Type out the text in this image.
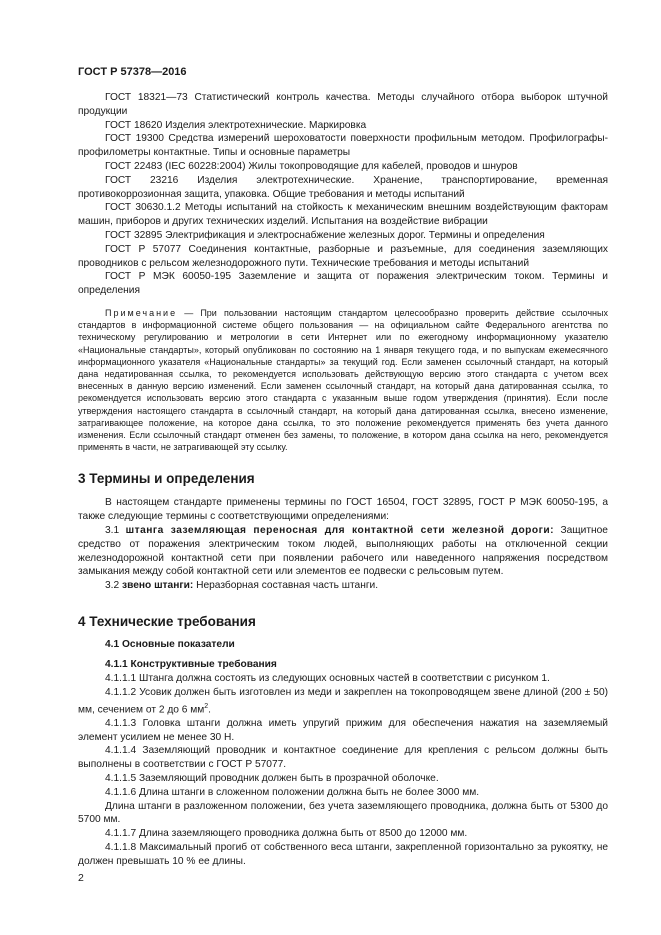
ГОСТ Р 57378—2016

ГОСТ 18321—73 Статистический контроль качества. Методы случайного отбора выборок штучной продукции

ГОСТ 18620 Изделия электротехнические. Маркировка

ГОСТ 19300 Средства измерений шероховатости поверхности профильным методом. Профилографы-профилометры контактные. Типы и основные параметры

ГОСТ 22483 (IEC 60228:2004) Жилы токопроводящие для кабелей, проводов и шнуров

ГОСТ 23216 Изделия электротехнические. Хранение, транспортирование, временная противокоррозионная защита, упаковка. Общие требования и методы испытаний

ГОСТ 30630.1.2 Методы испытаний на стойкость к механическим внешним воздействующим факторам машин, приборов и других технических изделий. Испытания на воздействие вибрации

ГОСТ 32895 Электрификация и электроснабжение железных дорог. Термины и определения

ГОСТ Р 57077 Соединения контактные, разборные и разъемные, для соединения заземляющих проводников с рельсом железнодорожного пути. Технические требования и методы испытаний

ГОСТ Р МЭК 60050-195 Заземление и защита от поражения электрическим током. Термины и определения

Примечание — При пользовании настоящим стандартом целесообразно проверить действие ссылочных стандартов в информационной системе общего пользования — на официальном сайте Федерального агентства по техническому регулированию и метрологии в сети Интернет или по ежегодному информационному указателю «Национальные стандарты», который опубликован по состоянию на 1 января текущего года, и по выпускам ежемесячного информационного указателя «Национальные стандарты» за текущий год. Если заменен ссылочный стандарт, на который дана недатированная ссылка, то рекомендуется использовать действующую версию этого стандарта с учетом всех внесенных в данную версию изменений. Если заменен ссылочный стандарт, на который дана датированная ссылка, то рекомендуется использовать версию этого стандарта с указанным выше годом утверждения (принятия). Если после утверждения настоящего стандарта в ссылочный стандарт, на который дана датированная ссылка, внесено изменение, затрагивающее положение, на которое дана ссылка, то это положение рекомендуется применять без учета данного изменения. Если ссылочный стандарт отменен без замены, то положение, в котором дана ссылка на него, рекомендуется применять в части, не затрагивающей эту ссылку.
3 Термины и определения

В настоящем стандарте применены термины по ГОСТ 16504, ГОСТ 32895, ГОСТ Р МЭК 60050-195, а также следующие термины с соответствующими определениями:

3.1 штанга заземляющая переносная для контактной сети железной дороги: Защитное средство от поражения электрическим током людей, выполняющих работы на отключенной секции железнодорожной контактной сети при появлении рабочего или наведенного напряжения посредством замыкания между собой контактной сети или элементов ее подвески с рельсовым путем.

3.2 звено штанги: Неразборная составная часть штанги.

4 Технические требования
4.1 Основные показатели
4.1.1 Конструктивные требования

4.1.1.1 Штанга должна состоять из следующих основных частей в соответствии с рисунком 1.

4.1.1.2 Усовик должен быть изготовлен из меди и закреплен на токопроводящем звене длиной (200 ± 50) мм, сечением от 2 до 6 $мм^2$.

4.1.1.3 Головка штанги должна иметь упругий прижим для обеспечения нажатия на заземляемый элемент усилием не менее 30 Н.

4.1.1.4 Заземляющий проводник и контактное соединение для крепления с рельсом должны быть выполнены в соответствии с ГОСТ Р 57077.

4.1.1.5 Заземляющий проводник должен быть в прозрачной оболочке.

4.1.1.6 Длина штанги в сложенном положении должна быть не более 3000 мм.

Длина штанги в разложенном положении, без учета заземляющего проводника, должна быть от 5300 до 5700 мм.

4.1.1.7 Длина заземляющего проводника должна быть от 8500 до 12000 мм.

4.1.1.8 Максимальный прогиб от собственного веса штанги, закрепленной горизонтально за рукоятку, не должен превышать 10 % ее длины.

2
